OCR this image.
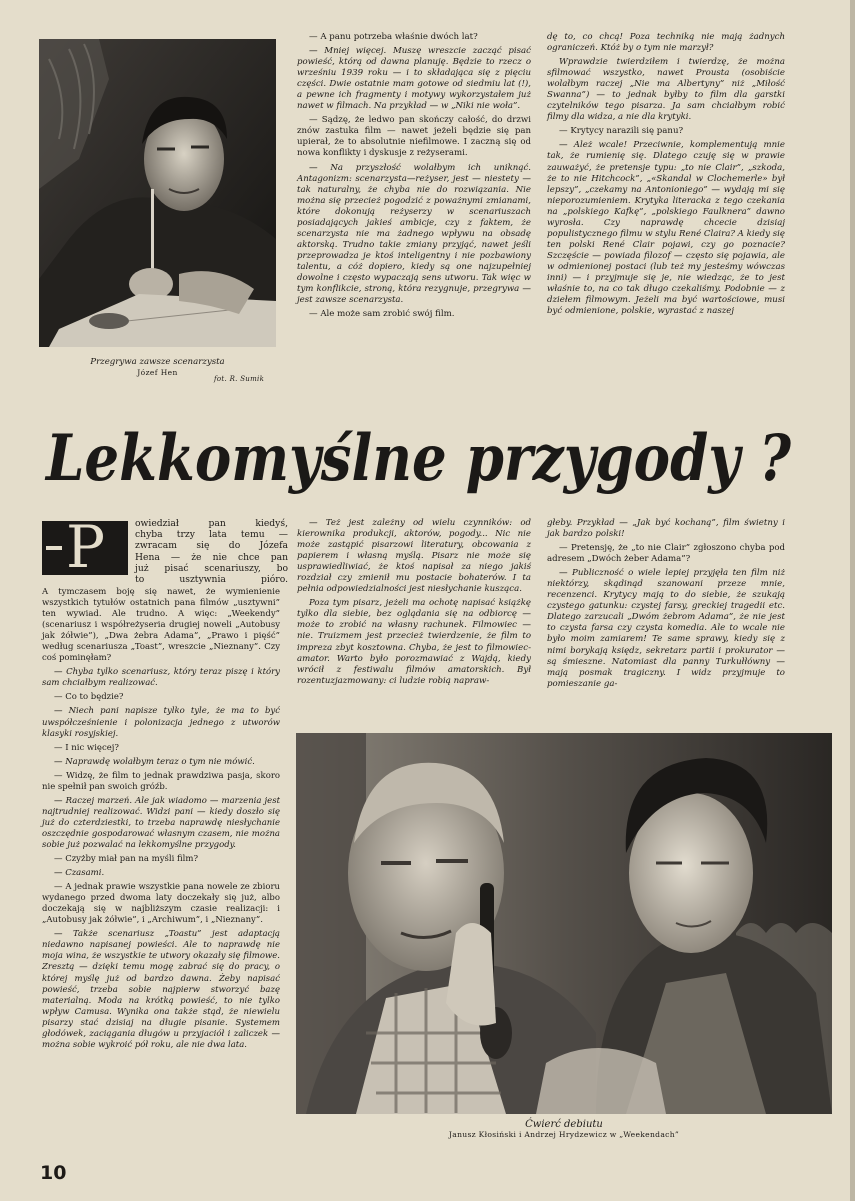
Przegrywa zawsze scenarzysta
Józef Hen
fot. R. Sumik

— A panu potrzeba właśnie dwóch lat?

— Mniej więcej. Muszę wreszcie zacząć pisać powieść, którą od dawna planuję. Będzie to rzecz o wrześniu 1939 roku — i to składająca się z pięciu części. Dwie ostatnie mam gotowe od siedmiu lat (!), a pewne ich fragmenty i motywy wykorzystałem już nawet w filmach. Na przykład — w „Niki nie woła”.

— Sądzę, że ledwo pan skończy całość, do drzwi znów zastuka film — nawet jeżeli będzie się pan upierał, że to absolutnie niefilmowe. I zaczną się od nowa konflikty i dyskusje z reżyserami.

— Na przyszłość wolałbym ich uniknąć. Antagonizm: scenarzysta—reżyser, jest — niestety — tak naturalny, że chyba nie do rozwiązania. Nie można się przecież pogodzić z poważnymi zmianami, które dokonują reżyserzy w scenariuszach posiadających jakieś ambicje, czy z faktem, że scenarzysta nie ma żadnego wpływu na obsadę aktorską. Trudno takie zmiany przyjąć, nawet jeśli przeprowadza je ktoś inteligentny i nie pozbawiony talentu, a cóż dopiero, kiedy są one najzupełniej dowolne i często wypaczają sens utworu. Tak więc w tym konflikcie, stroną, która rezygnuje, przegrywa — jest zawsze scenarzysta.

— Ale może sam zrobić swój film.

dę to, co chcą! Poza techniką nie mają żadnych ograniczeń. Któż by o tym nie marzył?

Wprawdzie twierdziłem i twierdzę, że można sfilmować wszystko, nawet Prousta (osobiście wolałbym raczej „Nie ma Albertyny” niż „Miłość Swanna”) — to jednak byłby to film dla garstki czytelników tego pisarza. Ja sam chciałbym robić filmy dla widza, a nie dla krytyki.

— Krytycy narazili się panu?

— Ależ wcale! Przeciwnie, komplementują mnie tak, że rumienię się. Dlatego czuję się w prawie zauważyć, że pretensje typu: „to nie Clair”, „szkoda, że to nie Hitchcock”, „«Skandal w Clochemerle» był lepszy”, „czekamy na Antonioniego” — wydają mi się nieporozumieniem. Krytyka literacka z tego czekania na „polskiego Kafkę”, „polskiego Faulknera” dawno wyrosła. Czy naprawdę chcecie dzisiaj populistycznego filmu w stylu René Claira? A kiedy się ten polski René Clair pojawi, czy go poznacie? Szczęście — powiada filozof — często się pojawia, ale w odmienionej postaci (lub też my jesteśmy wówczas inni) — i przyjmuje się je, nie wiedząc, że to jest właśnie to, na co tak długo czekaliśmy. Podobnie — z dziełem filmowym. Jeżeli ma być wartościowe, musi być odmienione, polskie, wyrastać z naszej

Lekkomyślne przygody ?
P	owiedział pan kiedyś,
chyba trzy lata temu —
zwracam się do Józefa
Hena — że nie chce pan
już pisać scenariuszy, bo
to usztywnia pióro.

A tymczasem boję się nawet, że wymienienie wszystkich tytułów ostatnich pana filmów „usztywni” ten wywiad. Ale trudno. A więc: „Weekendy” (scenariusz i współreżyseria drugiej noweli „Autobusy jak żółwie”), „Dwa żebra Adama”, „Prawo i pięść” według scenariusza „Toast”, wreszcie „Nieznany”. Czy coś pominęłam?

— Chyba tylko scenariusz, który teraz piszę i który sam chciałbym realizować.

— Co to będzie?

— Niech pani napisze tylko tyle, że ma to być uwspółcześnienie i polonizacja jednego z utworów klasyki rosyjskiej.

— I nic więcej?

— Naprawdę wolałbym teraz o tym nie mówić.

— Widzę, że film to jednak prawdziwa pasja, skoro nie spełnił pan swoich gróźb.

— Raczej marzeń. Ale jak wiadomo — marzenia jest najtrudniej realizować. Widzi pani — kiedy doszło się już do czterdziestki, to trzeba naprawdę niesłychanie oszczędnie gospodarować własnym czasem, nie można sobie już pozwalać na lekkomyślne przygody.

— Czyżby miał pan na myśli film?

— Czasami.

— A jednak prawie wszystkie pana nowele ze zbioru wydanego przed dwoma laty doczekały się już, albo doczekają się w najbliższym czasie realizacji: i „Autobusy jak żółwie”, i „Archiwum”, i „Nieznany”.

— Także scenariusz „Toastu” jest adaptacją niedawno napisanej powieści. Ale to naprawdę nie moja wina, że wszystkie te utwory okazały się filmowe. Zresztą — dzięki temu mogę zabrać się do pracy, o której myślę już od bardzo dawna. Żeby napisać powieść, trzeba sobie najpierw stworzyć bazę materialną. Moda na krótką powieść, to nie tylko wpływ Camusa. Wynika ona także stąd, że niewielu pisarzy stać dzisiaj na długie pisanie. Systemem głodówek, zaciągania długów u przyjaciół i zaliczek — można sobie wykroić pół roku, ale nie dwa lata.

— Też jest zależny od wielu czynników: od kierownika produkcji, aktorów, pogody... Nic nie może zastąpić pisarzowi literatury, obcowania z papierem i własną myślą. Pisarz nie może się usprawiedliwiać, że ktoś napisał za niego jakiś rozdział czy zmienił mu postacie bohaterów. I ta pełnia odpowiedzialności jest niesłychanie kusząca.

Poza tym pisarz, jeżeli ma ochotę napisać książkę tylko dla siebie, bez oglądania się na odbiorcę — może to zrobić na własny rachunek. Filmowiec — nie. Truizmem jest przecież twierdzenie, że film to impreza zbyt kosztowna. Chyba, że jest to filmowiec-amator. Warto było porozmawiać z Wajdą, kiedy wrócił z festiwalu filmów amatorskich. Był rozentuzjazmowany: ci ludzie robią napraw-

głeby. Przykład — „Jak być kochaną”, film świetny i jak bardzo polski!

— Pretensję, że „to nie Clair” zgłoszono chyba pod adresem „Dwóch żeber Adama”?

— Publiczność o wiele lepiej przyjęła ten film niż niektórzy, skądinąd szanowani przeze mnie, recenzenci. Krytycy mają to do siebie, że szukają czystego gatunku: czystej farsy, greckiej tragedii etc. Dlatego zarzucali „Dwóm żebrom Adama”, że nie jest to czysta farsa czy czysta komedia. Ale to wcale nie było moim zamiarem! Te same sprawy, kiedy się z nimi borykają księdz, sekretarz partii i prokurator — są śmieszne. Natomiast dla panny Turkułłówny — mają posmak tragiczny. I widz przyjmuje to pomieszanie ga-

Ćwierć debiutu
Janusz Kłosiński i Andrzej Hrydzewicz w „Weekendach”
10
